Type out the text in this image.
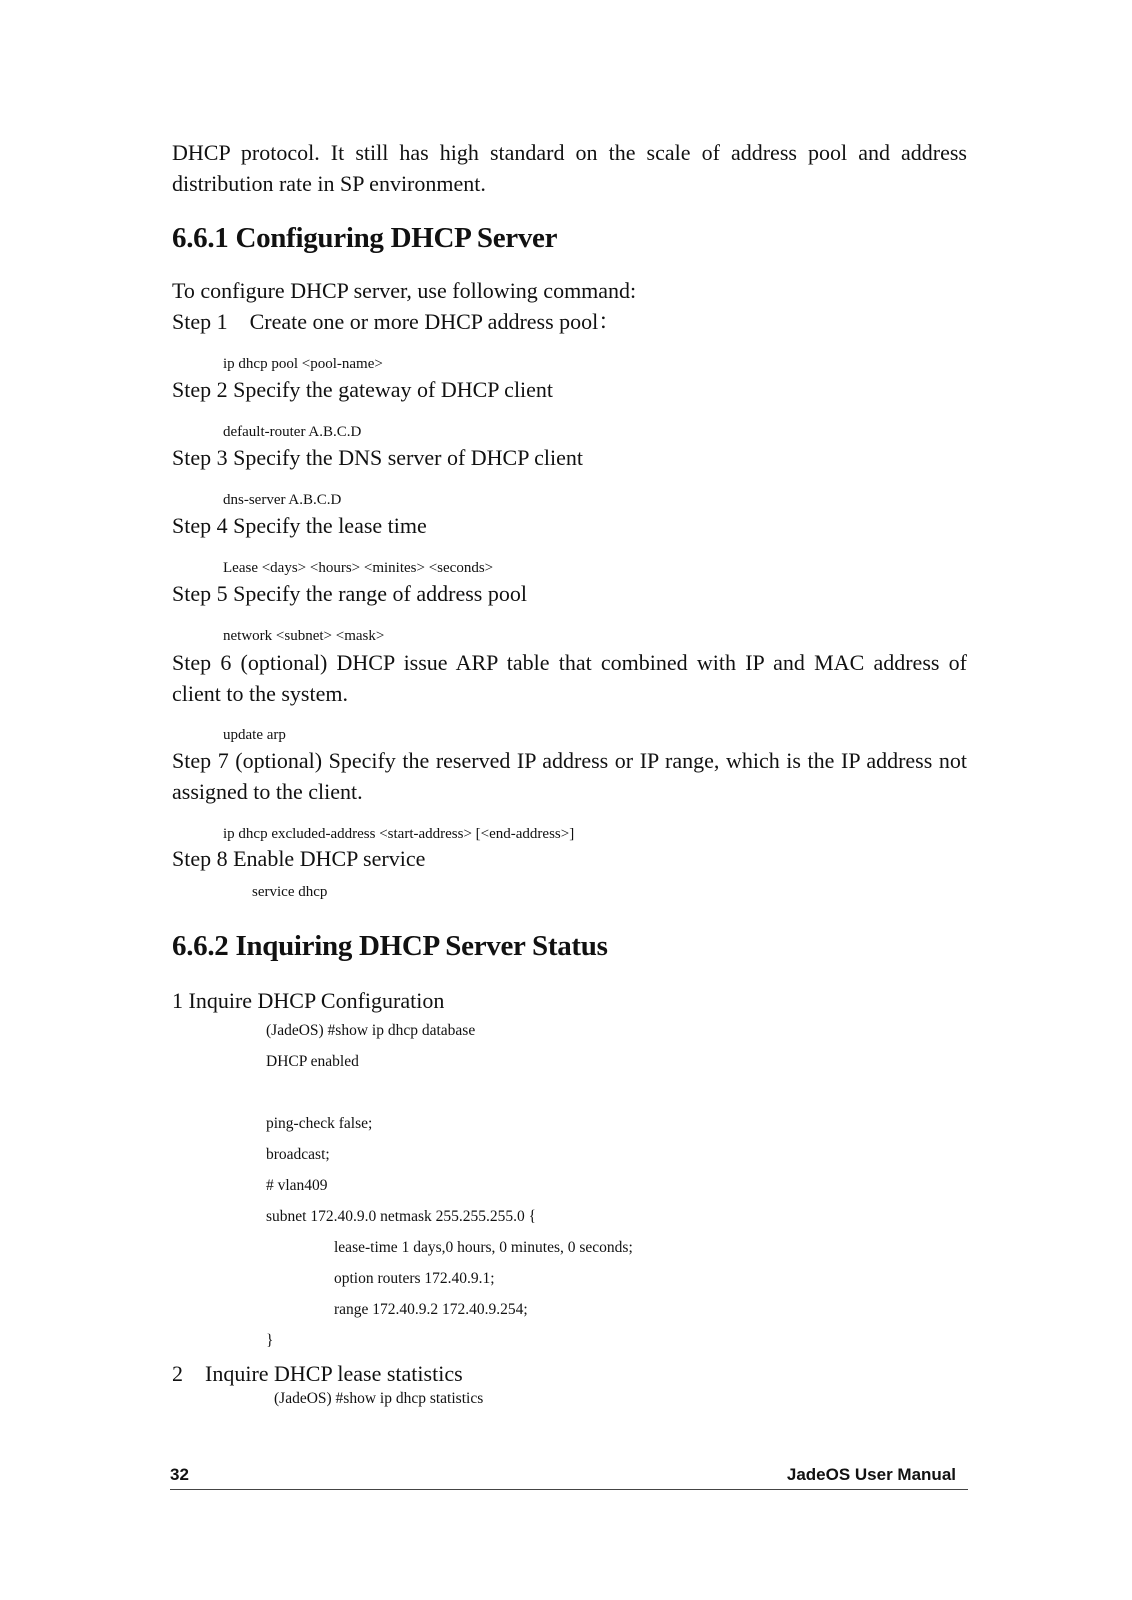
DHCP protocol. It still has high standard on the scale of address pool and address distribution rate in SP environment.

6.6.1 Configuring DHCP Server

To configure DHCP server, use following command:

Step 1    Create one or more DHCP address pool：

ip dhcp pool <pool-name>

Step 2 Specify the gateway of DHCP client

default-router A.B.C.D

Step 3 Specify the DNS server of DHCP client

dns-server A.B.C.D

Step 4 Specify the lease time

Lease <days> <hours> <minites> <seconds>

Step 5 Specify the range of address pool

network <subnet> <mask>

Step 6 (optional) DHCP issue ARP table that combined with IP and MAC address of client to the system.

update arp

Step 7 (optional) Specify the reserved IP address or IP range, which is the IP address not assigned to the client.

ip dhcp excluded-address <start-address> [<end-address>]

Step 8 Enable DHCP service

service dhcp

6.6.2 Inquiring DHCP Server Status

1 Inquire DHCP Configuration

(JadeOS) #show ip dhcp database
DHCP enabled
ping-check false;
broadcast;
# vlan409
subnet 172.40.9.0 netmask 255.255.255.0 {
lease-time 1 days,0 hours, 0 minutes, 0 seconds;
option routers 172.40.9.1;
range 172.40.9.2 172.40.9.254;
}

2    Inquire DHCP lease statistics

(JadeOS) #show ip dhcp statistics

32	JadeOS User Manual
